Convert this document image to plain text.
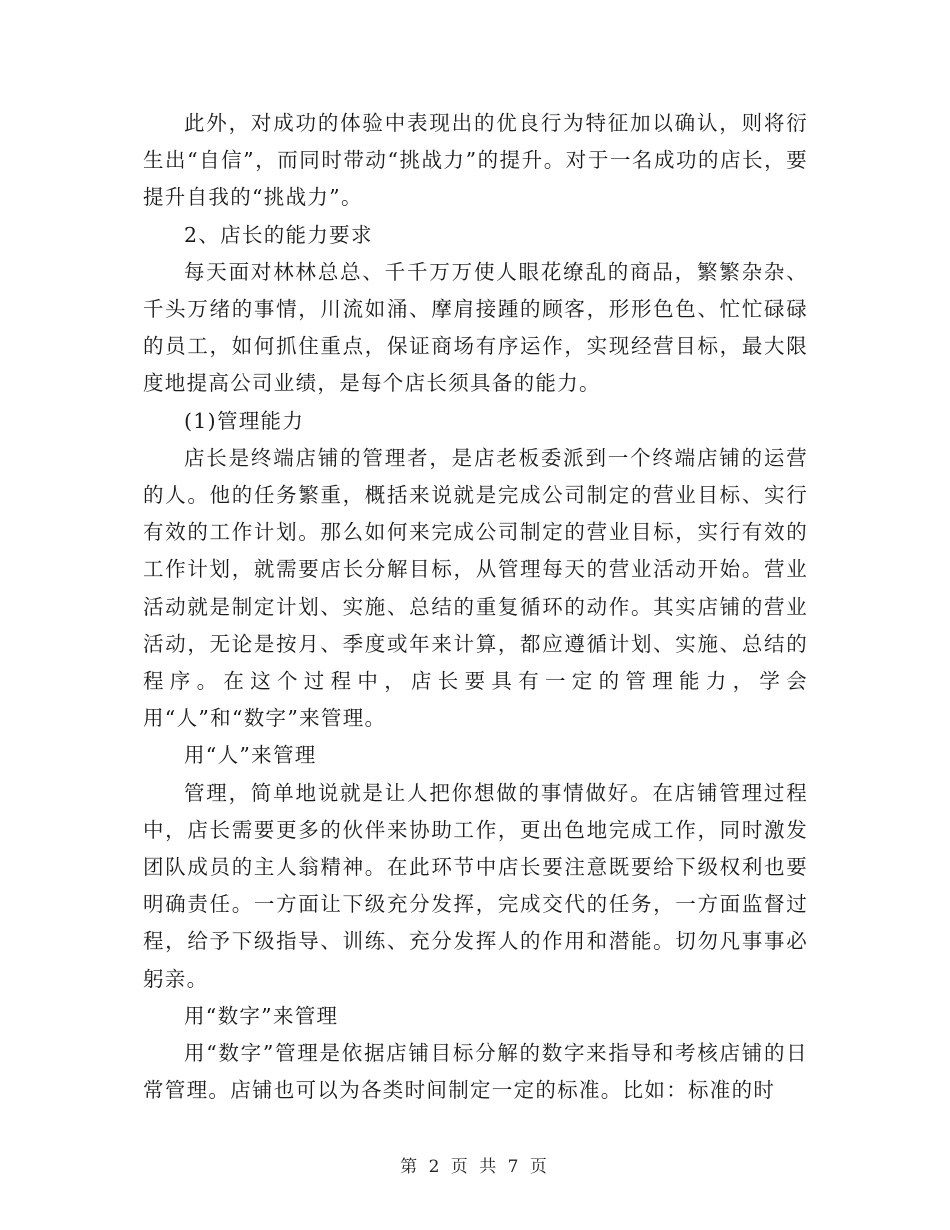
此外，对成功的体验中表现出的优良行为特征加以确认，则将衍生出“自信”，而同时带动“挑战力”的提升。对于一名成功的店长，要提升自我的“挑战力”。

2、店长的能力要求

每天面对林林总总、千千万万使人眼花缭乱的商品，繁繁杂杂、千头万绪的事情，川流如涌、摩肩接踵的顾客，形形色色、忙忙碌碌的员工，如何抓住重点，保证商场有序运作，实现经营目标，最大限度地提高公司业绩，是每个店长须具备的能力。

(1)管理能力

店长是终端店铺的管理者，是店老板委派到一个终端店铺的运营的人。他的任务繁重，概括来说就是完成公司制定的营业目标、实行有效的工作计划。那么如何来完成公司制定的营业目标，实行有效的工作计划，就需要店长分解目标，从管理每天的营业活动开始。营业活动就是制定计划、实施、总结的重复循环的动作。其实店铺的营业活动，无论是按月、季度或年来计算，都应遵循计划、实施、总结的程序。在这个过程中，店长要具有一定的管理能力，学会用“人”和“数字”来管理。

用“人”来管理

管理，简单地说就是让人把你想做的事情做好。在店铺管理过程中，店长需要更多的伙伴来协助工作，更出色地完成工作，同时激发团队成员的主人翁精神。在此环节中店长要注意既要给下级权利也要明确责任。一方面让下级充分发挥，完成交代的任务，一方面监督过程，给予下级指导、训练、充分发挥人的作用和潜能。切勿凡事事必躬亲。

用“数字”来管理

用“数字”管理是依据店铺目标分解的数字来指导和考核店铺的日常管理。店铺也可以为各类时间制定一定的标准。比如：标准的时

第 2 页 共 7 页
